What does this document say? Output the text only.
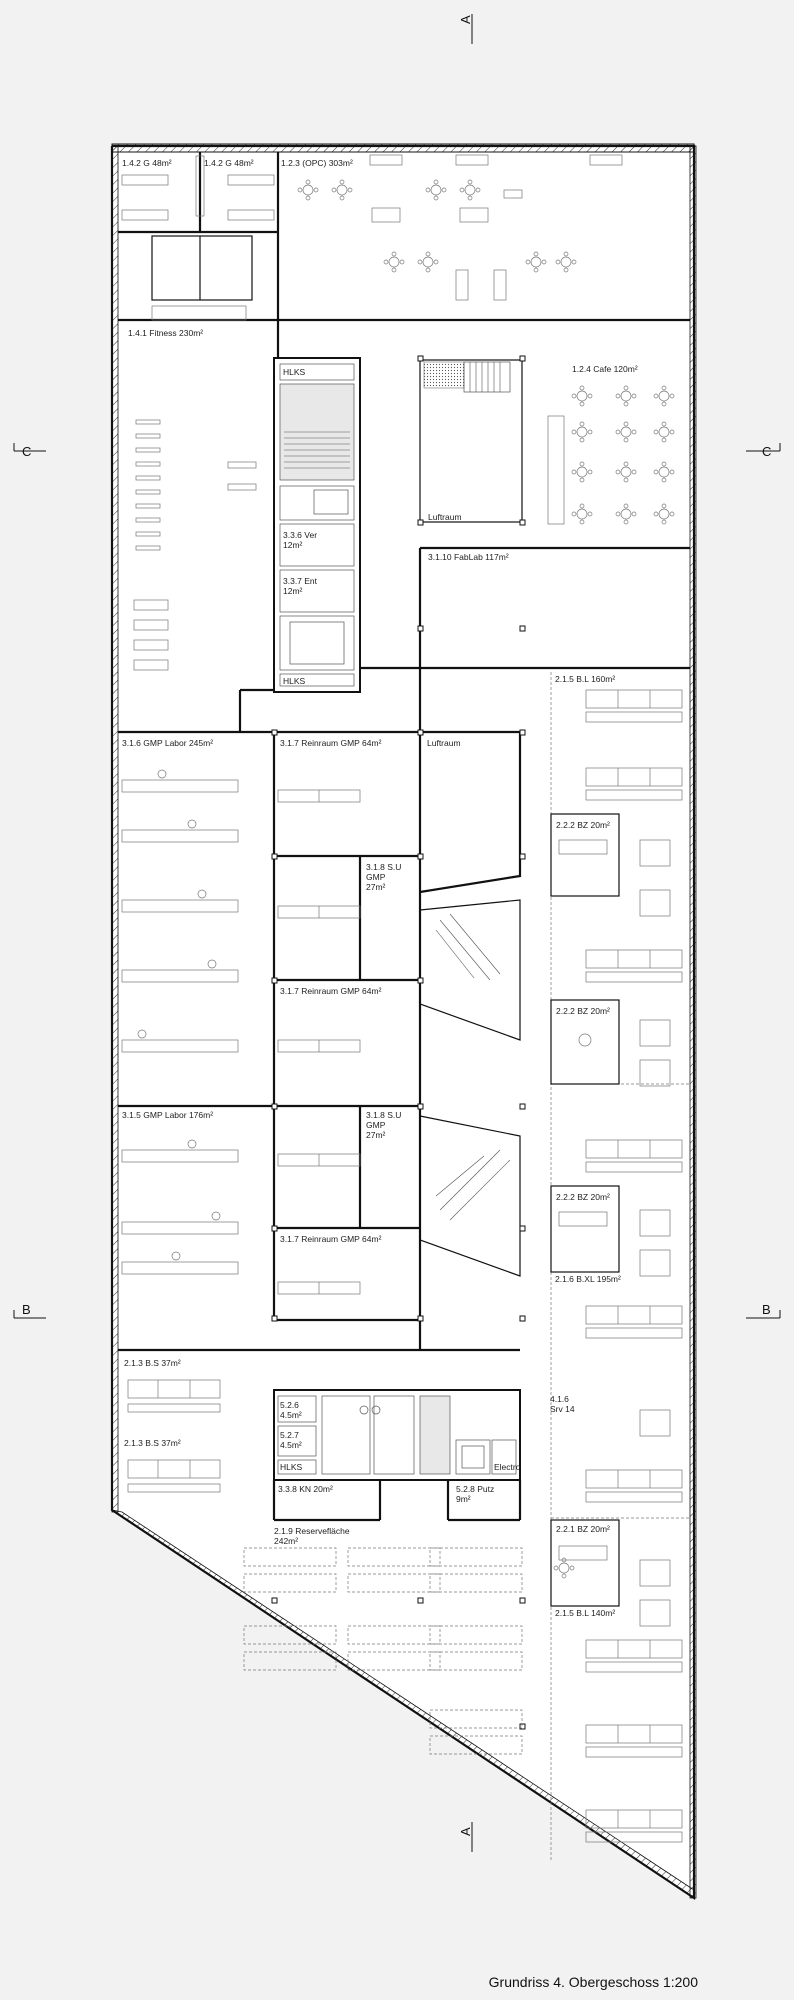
A
A
C	C
B	B
1.4.2 G 48m²	1.4.2 G 48m²	1.2.3 (OPC) 303m²
1.4.1 Fitness 230m²
HLKS	1.2.4 Cafe 120m²
Luftraum
3.3.6 Ver
12m²
3.1.10 FabLab 117m²
3.3.7 Ent
12m²
HLKS	2.1.5 B.L 160m²
3.1.6 GMP Labor 245m²	3.1.7 Reinraum GMP 64m²	Luftraum
2.2.2 BZ 20m²
3.1.8 S.U
GMP
27m²
3.1.7 Reinraum GMP 64m²
2.2.2 BZ 20m²
3.1.5 GMP Labor 176m²	3.1.8 S.U
GMP
27m²
2.2.2 BZ 20m²
3.1.7 Reinraum GMP 64m²
2.1.6 B.XL 195m²
2.1.3 B.S 37m²
5.2.6
4.5m²
4.1.6
Srv 14
5.2.7
4.5m²
2.1.3 B.S 37m²
Electro
HLKS
3.3.8 KN 20m²	5.2.8 Putz
9m²
2.1.9 Reservefläche
242m²
2.2.1 BZ 20m²
2.1.5 B.L 140m²
Grundriss 4. Obergeschoss 1:200
